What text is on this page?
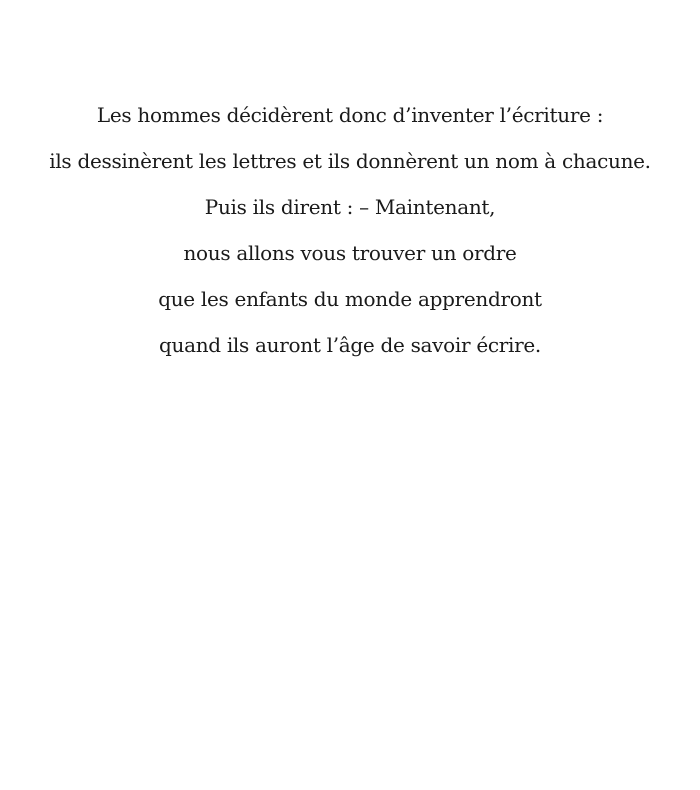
Les hommes décidèrent donc d’inventer l’écriture :
ils dessinèrent les lettres et ils donnèrent un nom à chacune.
Puis ils dirent : – Maintenant,
nous allons vous trouver un ordre
que les enfants du monde apprendront
quand ils auront l’âge de savoir écrire.
